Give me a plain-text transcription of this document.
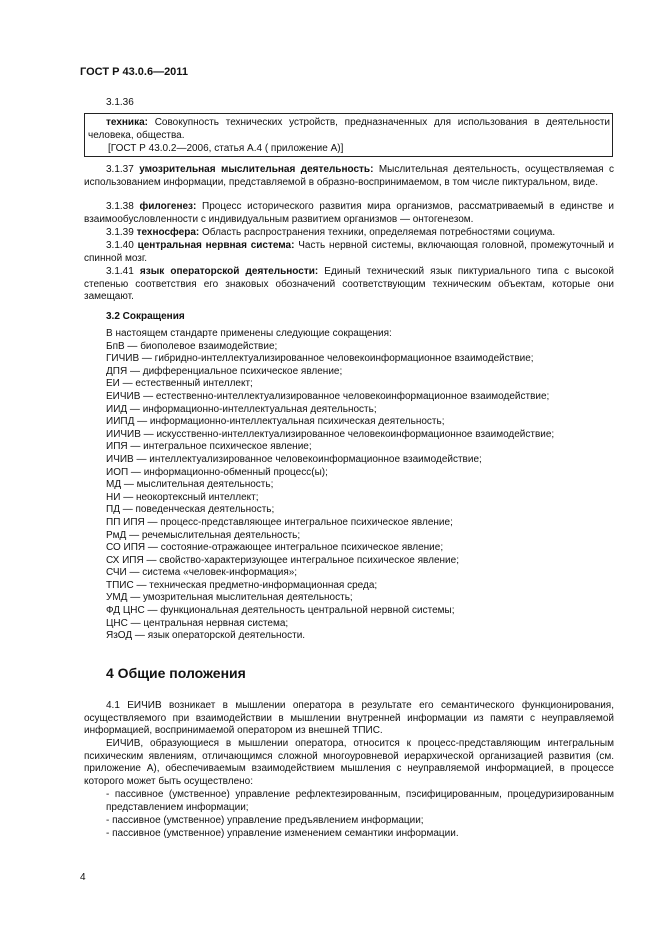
ГОСТ Р 43.0.6—2011
3.1.36
техника: Совокупность технических устройств, предназначенных для использования в деятельности человека, общества.
[ГОСТ Р 43.0.2—2006, статья А.4 ( приложение А)]
3.1.37 умозрительная мыслительная деятельность: Мыслительная деятельность, осуществляемая с использованием информации, представляемой в образно-воспринимаемом, в том числе пиктуральном, виде.
3.1.38 филогенез: Процесс исторического развития мира организмов, рассматриваемый в единстве и взаимообусловленности с индивидуальным развитием организмов — онтогенезом.
3.1.39 техносфера: Область распространения техники, определяемая потребностями социума.
3.1.40 центральная нервная система: Часть нервной системы, включающая головной, промежуточный и спинной мозг.
3.1.41 язык операторской деятельности: Единый технический язык пиктуриального типа с высокой степенью соответствия его знаковых обозначений соответствующим техническим объектам, которые они замещают.
3.2 Сокращения
В настоящем стандарте применены следующие сокращения:
БпВ — биополевое взаимодействие;
ГИЧИВ — гибридно-интеллектуализированное человекоинформационное взаимодействие;
ДПЯ — дифференциальное психическое явление;
ЕИ — естественный интеллект;
ЕИЧИВ — естественно-интеллектуализированное человекоинформационное взаимодействие;
ИИД — информационно-интеллектуальная деятельность;
ИИПД — информационно-интеллектуальная психическая деятельность;
ИИЧИВ — искусственно-интеллектуализированное человекоинформационное взаимодействие;
ИПЯ — интегральное психическое явление;
ИЧИВ — интеллектуализированное человекоинформационное взаимодействие;
ИОП — информационно-обменный процесс(ы);
МД — мыслительная деятельность;
НИ — неокортексный интеллект;
ПД — поведенческая деятельность;
ПП ИПЯ — процесс-представляющее интегральное психическое явление;
РмД — речемыслительная деятельность;
СО ИПЯ — состояние-отражающее интегральное психическое явление;
СХ ИПЯ — свойство-характеризующее интегральное психическое явление;
СЧИ — система «человек-информация»;
ТПИС — техническая предметно-информационная среда;
УМД — умозрительная мыслительная деятельность;
ФД ЦНС — функциональная деятельность центральной нервной системы;
ЦНС — центральная нервная система;
ЯзОД — язык операторской деятельности.
4 Общие положения
4.1 ЕИЧИВ возникает в мышлении оператора в результате его семантического функционирования, осуществляемого при взаимодействии в мышлении внутренней информации из памяти с неуправляемой информацией, воспринимаемой оператором из внешней ТПИС.
ЕИЧИВ, образующиеся в мышлении оператора, относится к процесс-представляющим интегральным психическим явлениям, отличающимся сложной многоуровневой иерархической организацией развития (см. приложение А), обеспечиваемым взаимодействием мышления с неуправляемой информацией, в процессе которого может быть осуществлено:
- пассивное (умственное) управление рефлектезированным, пэсифицированным, процедуризированным представлением информации;
- пассивное (умственное) управление предъявлением информации;
- пассивное (умственное) управление изменением семантики информации.
4
